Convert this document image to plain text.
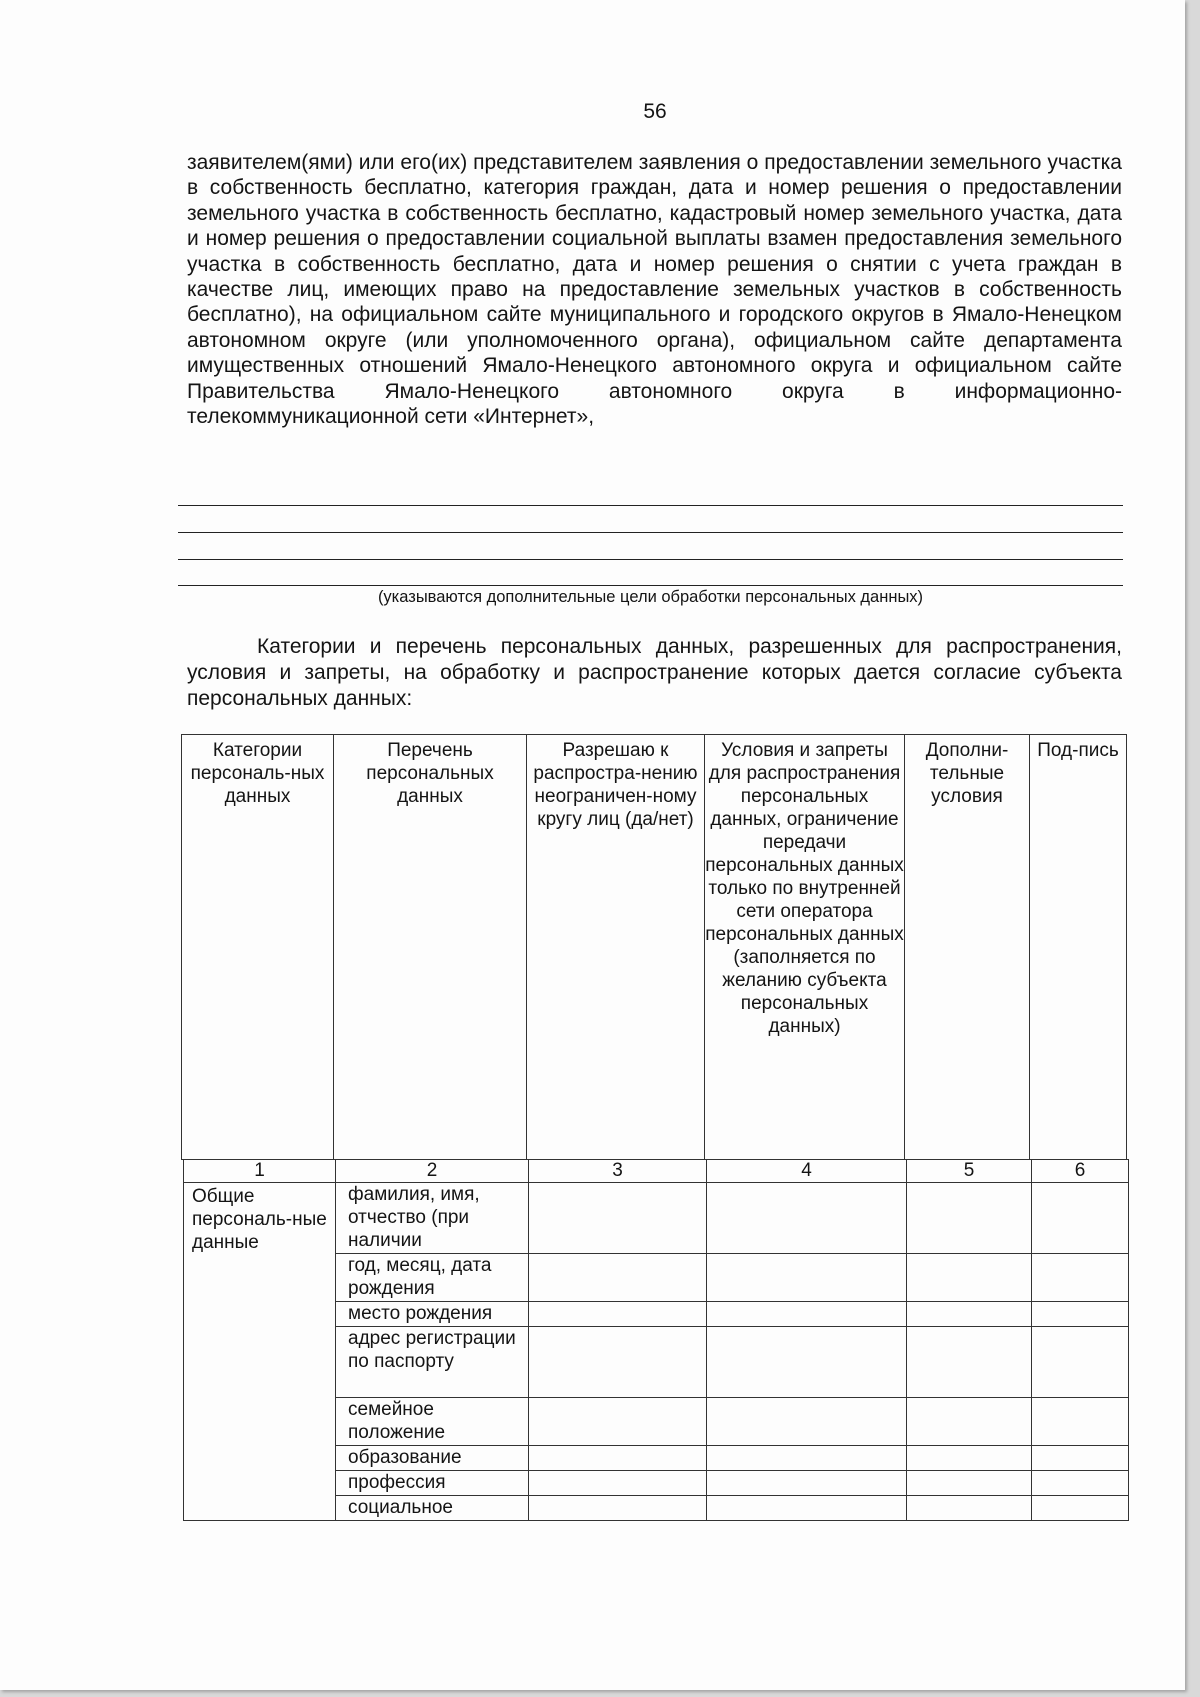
56

заявителем(ями) или его(их) представителем заявления о предоставлении земельного участка в собственность бесплатно, категория граждан, дата и номер решения о предоставлении земельного участка в собственность бесплатно, кадастровый номер земельного участка, дата и номер решения о предоставлении социальной выплаты взамен предоставления земельного участка в собственность бесплатно, дата и номер решения о снятии с учета граждан в качестве лиц, имеющих право на предоставление земельных участков в собственность бесплатно), на официальном сайте муниципального и городского округов в Ямало-Ненецком автономном округе (или уполномоченного органа), официальном сайте департамента имущественных отношений Ямало-Ненецкого автономного округа и официальном сайте Правительства Ямало-Ненецкого автономного округа в информационно-телекоммуникационной сети «Интернет»,

(указываются дополнительные цели обработки персональных данных)

Категории и перечень персональных данных, разрешенных для распространения, условия и запреты, на обработку и распространение которых дается согласие субъекта персональных данных:

Категории персональ-ных данных	Перечень персональных данных	Разрешаю к распростра-нению неограничен-ному кругу лиц (да/нет)	Условия и запреты для распространения персональных данных, ограничение передачи персональных данных только по внутренней сети оператора персональных данных (заполняется по желанию субъекта персональных данных)	Дополни-тельные условия	Под-пись
1	2	3	4	5	6
Общие персональ-ные данные	фамилия, имя, отчество (при наличии				
	год, месяц, дата рождения				
	место рождения				
	адрес регистрации по паспорту				
	семейное положение				
	образование				
	профессия				
	социальное				
